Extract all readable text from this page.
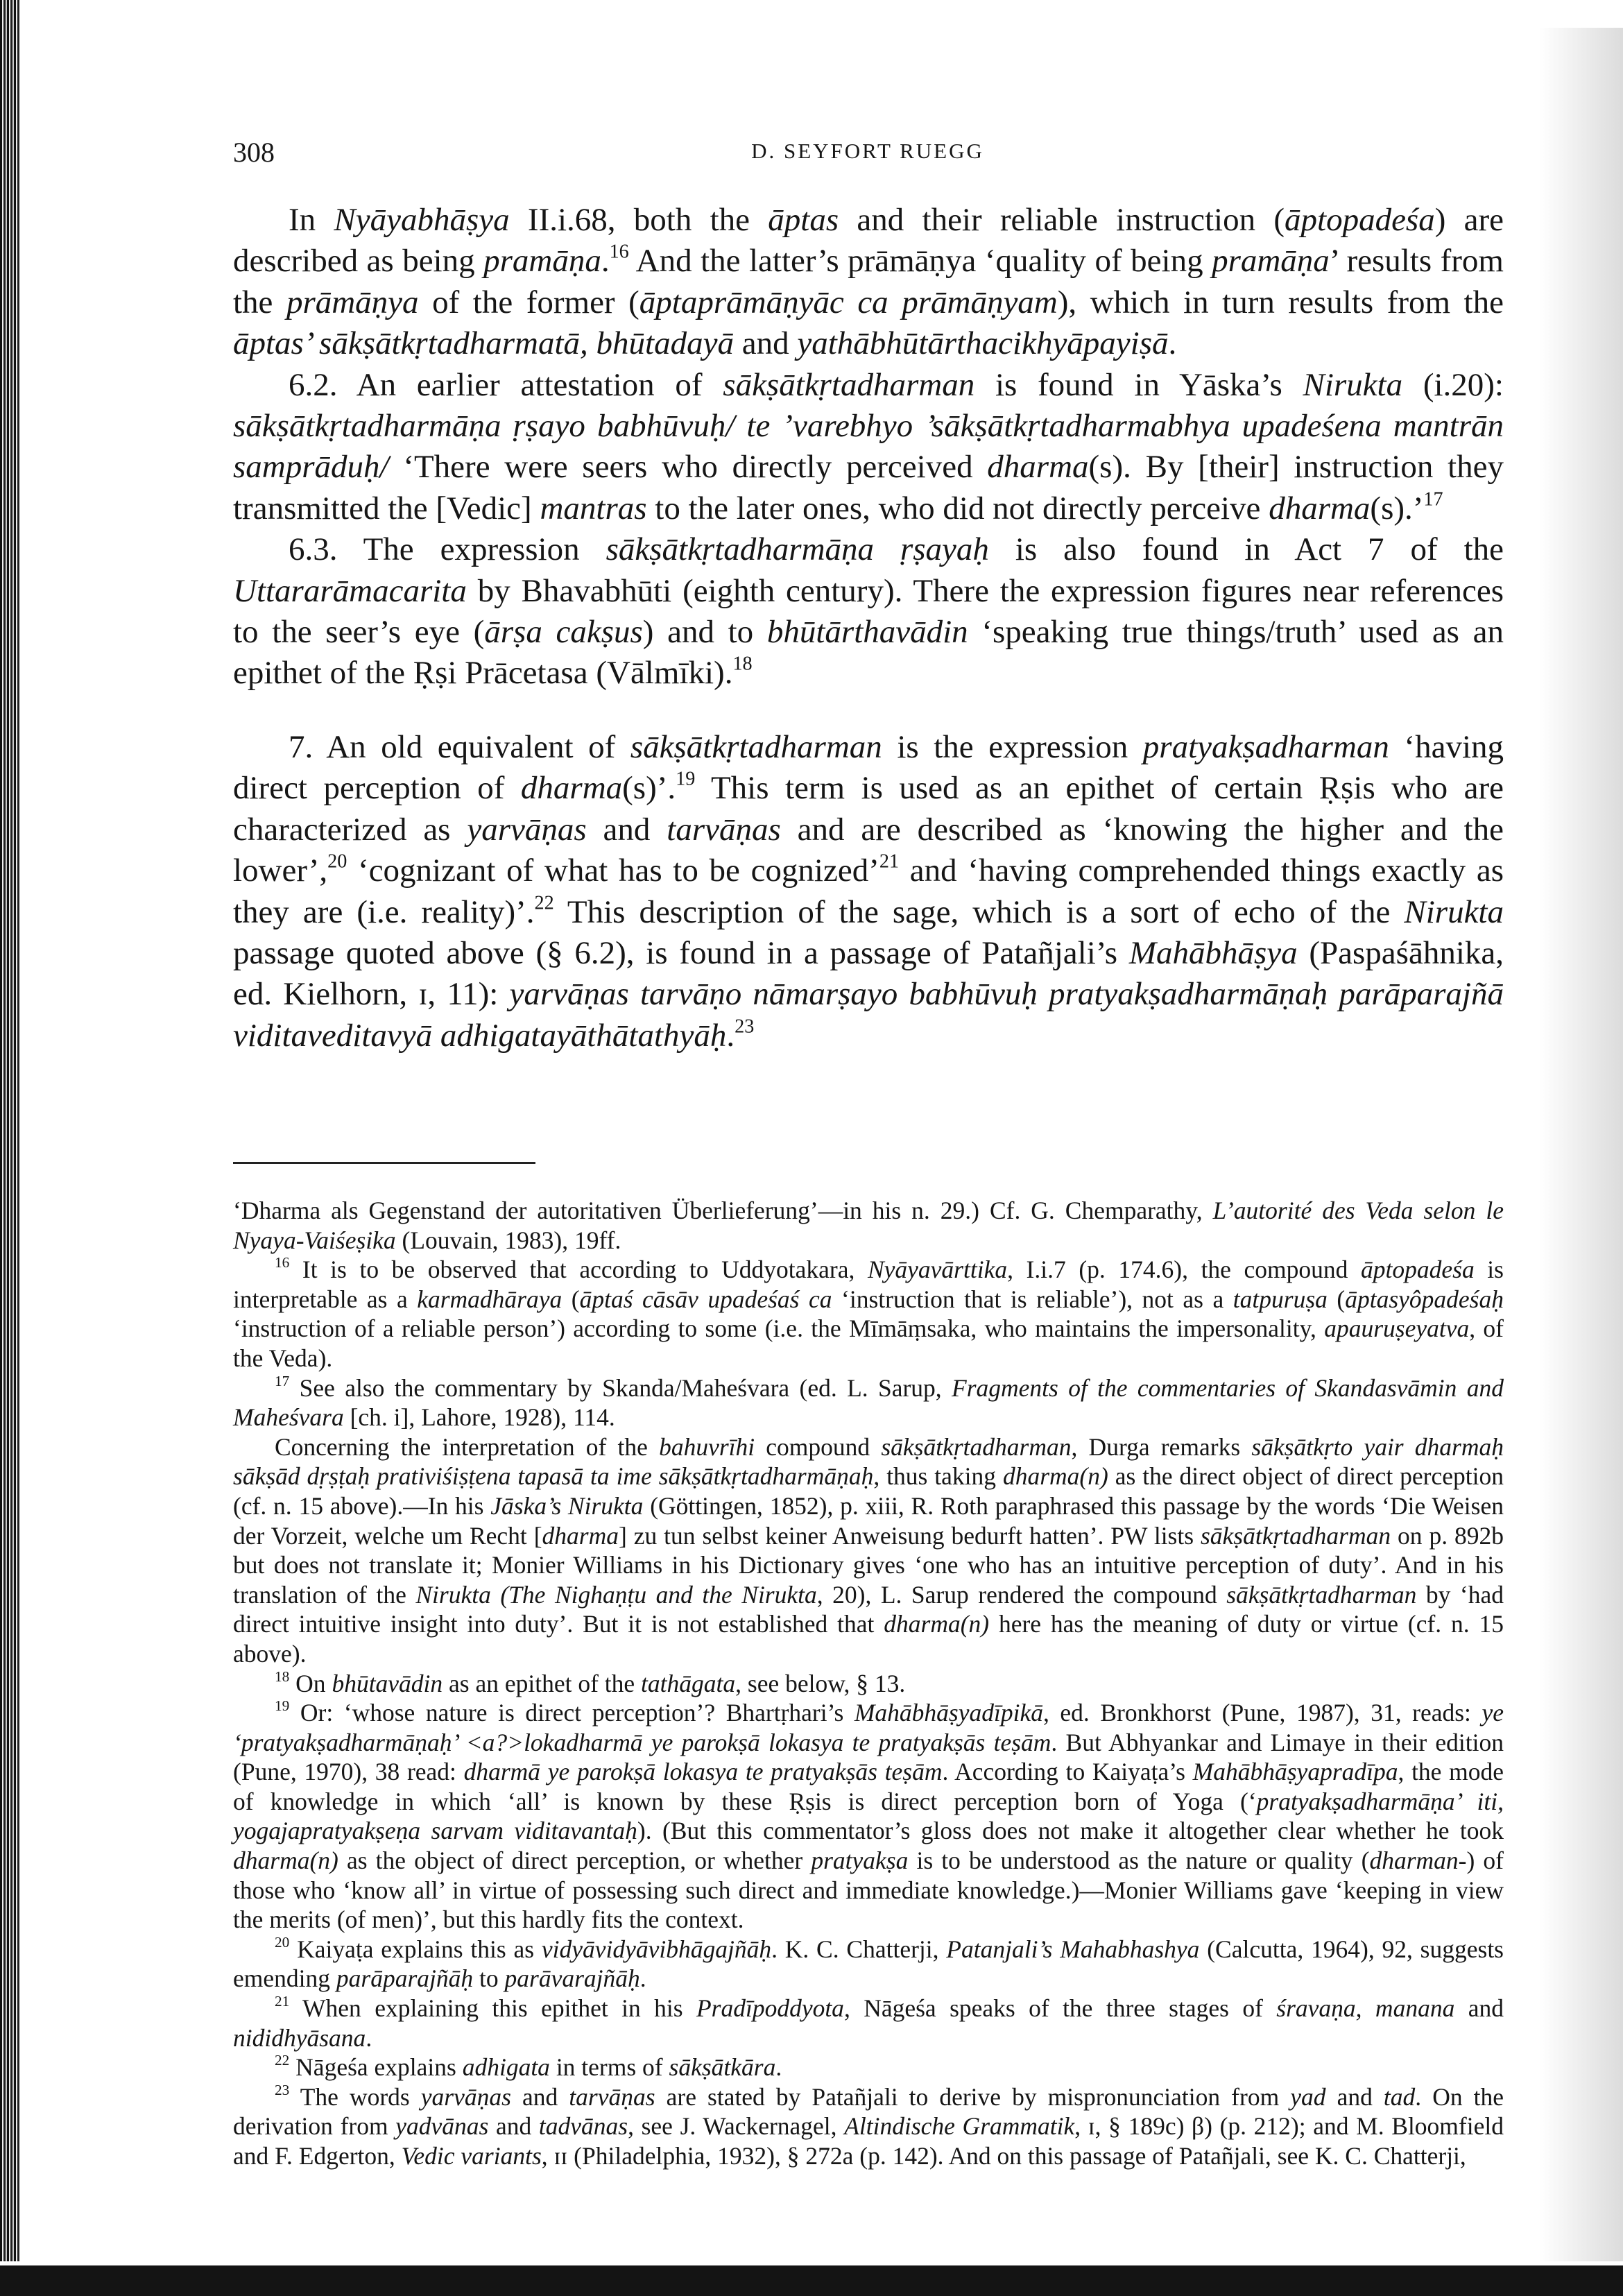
308	D. SEYFORT RUEGG

In Nyāyabhāṣya II.i.68, both the āptas and their reliable instruction (āptopadeśa) are described as being pramāṇa.$^{16}$ And the latter’s prāmāṇya ‘quality of being pramāṇa’ results from the prāmāṇya of the former (āptaprāmāṇyāc ca prāmāṇyam), which in turn results from the āptas’ sākṣātkṛtadharmatā, bhūtadayā and yathābhūtārthacikhyāpayiṣā.

6.2. An earlier attestation of sākṣātkṛtadharman is found in Yāska’s Nirukta (i.20): sākṣātkṛtadharmāṇa ṛṣayo babhūvuḥ/ te ’varebhyo ’sākṣātkṛtadharmabhya upadeśena mantrān samprāduḥ/ ‘There were seers who directly perceived dharma(s). By [their] instruction they transmitted the [Vedic] mantras to the later ones, who did not directly perceive dharma(s).’$^{17}$

6.3. The expression sākṣātkṛtadharmāṇa ṛṣayaḥ is also found in Act 7 of the Uttararāmacarita by Bhavabhūti (eighth century). There the expression figures near references to the seer’s eye (ārṣa cakṣus) and to bhūtārthavādin ‘speaking true things/truth’ used as an epithet of the Ṛṣi Prācetasa (Vālmīki).$^{18}$

7. An old equivalent of sākṣātkṛtadharman is the expression pratyakṣadharman ‘having direct perception of dharma(s)’.$^{19}$ This term is used as an epithet of certain Ṛṣis who are characterized as yarvāṇas and tarvāṇas and are described as ‘knowing the higher and the lower’,$^{20}$ ‘cognizant of what has to be cognized’$^{21}$ and ‘having comprehended things exactly as they are (i.e. reality)’.$^{22}$ This description of the sage, which is a sort of echo of the Nirukta passage quoted above (§ 6.2), is found in a passage of Patañjali’s Mahābhāṣya (Paspaśāhnika, ed. Kielhorn, ɪ, 11): yarvāṇas tarvāṇo nāmarṣayo babhūvuḥ pratyakṣadharmāṇaḥ parāparajñā viditaveditavyā adhigatayāthātathyāḥ.$^{23}$

‘Dharma als Gegenstand der autoritativen Überlieferung’—in his n. 29.) Cf. G. Chemparathy, L’autorité des Veda selon le Nyaya-Vaiśeṣika (Louvain, 1983), 19ff.

$^{16}$ It is to be observed that according to Uddyotakara, Nyāyavārttika, I.i.7 (p. 174.6), the compound āptopadeśa is interpretable as a karmadhāraya (āptaś cāsāv upadeśaś ca ‘instruction that is reliable’), not as a tatpuruṣa (āptasyôpadeśaḥ ‘instruction of a reliable person’) according to some (i.e. the Mīmāṃsaka, who maintains the impersonality, apauruṣeyatva, of the Veda).

$^{17}$ See also the commentary by Skanda/Maheśvara (ed. L. Sarup, Fragments of the commentaries of Skandasvāmin and Maheśvara [ch. i], Lahore, 1928), 114.

Concerning the interpretation of the bahuvrīhi compound sākṣātkṛtadharman, Durga remarks sākṣātkṛto yair dharmaḥ sākṣād dṛṣṭaḥ prativiśiṣṭena tapasā ta ime sākṣātkṛtadharmāṇaḥ, thus taking dharma(n) as the direct object of direct perception (cf. n. 15 above).—In his Jāska’s Nirukta (Göttingen, 1852), p. xiii, R. Roth paraphrased this passage by the words ‘Die Weisen der Vorzeit, welche um Recht [dharma] zu tun selbst keiner Anweisung bedurft hatten’. PW lists sākṣātkṛtadharman on p. 892b but does not translate it; Monier Williams in his Dictionary gives ‘one who has an intuitive perception of duty’. And in his translation of the Nirukta (The Nighaṇṭu and the Nirukta, 20), L. Sarup rendered the compound sākṣātkṛtadharman by ‘had direct intuitive insight into duty’. But it is not established that dharma(n) here has the meaning of duty or virtue (cf. n. 15 above).

$^{18}$ On bhūtavādin as an epithet of the tathāgata, see below, § 13.

$^{19}$ Or: ‘whose nature is direct perception’? Bhartṛhari’s Mahābhāṣyadīpikā, ed. Bronkhorst (Pune, 1987), 31, reads: ye ‘pratyakṣadharmāṇaḥ’ <a?>lokadharmā ye parokṣā lokasya te pratyakṣās teṣām. But Abhyankar and Limaye in their edition (Pune, 1970), 38 read: dharmā ye parokṣā lokasya te pratyakṣās teṣām. According to Kaiyaṭa’s Mahābhāṣyapradīpa, the mode of knowledge in which ‘all’ is known by these Ṛṣis is direct perception born of Yoga (‘pratyakṣadharmāṇa’ iti, yogajapratyakṣeṇa sarvam viditavantaḥ). (But this commentator’s gloss does not make it altogether clear whether he took dharma(n) as the object of direct perception, or whether pratyakṣa is to be understood as the nature or quality (dharman-) of those who ‘know all’ in virtue of possessing such direct and immediate knowledge.)—Monier Williams gave ‘keeping in view the merits (of men)’, but this hardly fits the context.

$^{20}$ Kaiyaṭa explains this as vidyāvidyāvibhāgajñāḥ. K. C. Chatterji, Patanjali’s Mahabhashya (Calcutta, 1964), 92, suggests emending parāparajñāḥ to parāvarajñāḥ.

$^{21}$ When explaining this epithet in his Pradīpoddyota, Nāgeśa speaks of the three stages of śravaṇa, manana and nididhyāsana.

$^{22}$ Nāgeśa explains adhigata in terms of sākṣātkāra.

$^{23}$ The words yarvāṇas and tarvāṇas are stated by Patañjali to derive by mispronunciation from yad and tad. On the derivation from yadvānas and tadvānas, see J. Wackernagel, Altindische Grammatik, ɪ, § 189c) β) (p. 212); and M. Bloomfield and F. Edgerton, Vedic variants, ɪɪ (Philadelphia, 1932), § 272a (p. 142). And on this passage of Patañjali, see K. C. Chatterji,
